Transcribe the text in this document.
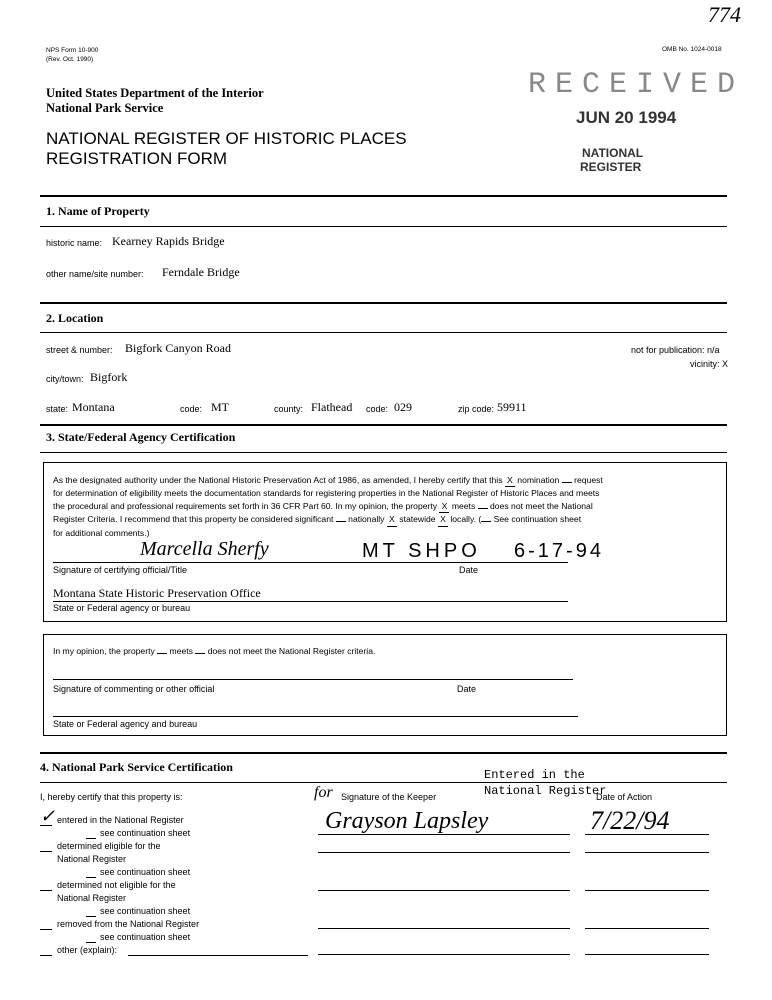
774
NPS Form 10-900
(Rev. Oct. 1990)
OMB No. 1024-0018
United States Department of the Interior
National Park Service
NATIONAL REGISTER OF HISTORIC PLACES
REGISTRATION FORM
RECEIVED
JUN 20 1994
NATIONAL
REGISTER
1. Name of Property
historic name: Kearney Rapids Bridge
other name/site number: Ferndale Bridge
2. Location
street & number: Bigfork Canyon Road	not for publication: n/a
vicinity: X
city/town: Bigfork
state: Montana	code: MT	county: Flathead code: 029	zip code: 59911
3. State/Federal Agency Certification
As the designated authority under the National Historic Preservation Act of 1986, as amended, I hereby certify that this X nomination request
for determination of eligibility meets the documentation standards for registering properties in the National Register of Historic Places and meets
the procedural and professional requirements set forth in 36 CFR Part 60. In my opinion, the property X meets does not meet the National
Register Criteria. I recommend that this property be considered significant nationally X statewide X locally. ( See continuation sheet
for additional comments.)
Marcella Sherfy	MT SHPO 6-17-94
Signature of certifying official/Title	Date
Montana State Historic Preservation Office
State or Federal agency or bureau
In my opinion, the property meets does not meet the National Register criteria.
Signature of commenting or other official	Date
State or Federal agency and bureau
4. National Park Service Certification
Entered in the
National Register
I, hereby certify that this property is:	for Signature of the Keeper	Date of Action
Grayson Lapsley	7/22/94
✓ entered in the National Register
see continuation sheet
determined eligible for the
National Register
see continuation sheet
determined not eligible for the
National Register
see continuation sheet
removed from the National Register
see continuation sheet
other (explain):
